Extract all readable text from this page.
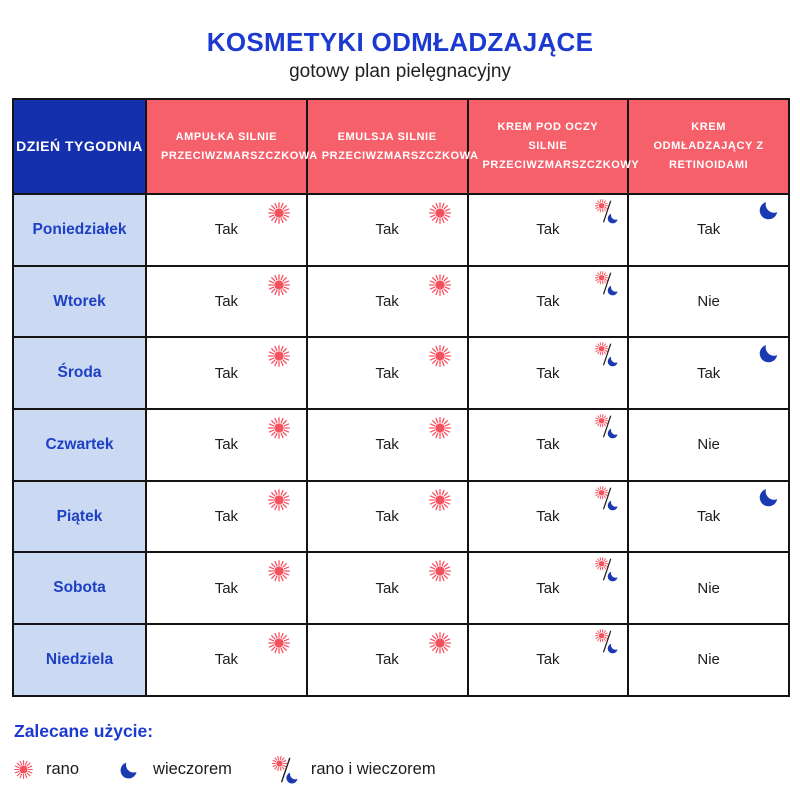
KOSMETYKI ODMŁADZAJĄCE
gotowy plan pielęgnacyjny
DZIEŃ TYGODNIA	AMPUŁKA SILNIE PRZECIWZMARSZCZKOWA	EMULSJA SILNIE PRZECIWZMARSZCZKOWA	KREM POD OCZY SILNIE PRZECIWZMARSZCZKOWY	KREM ODMŁADZAJĄCY Z RETINOIDAMI
Poniedziałek	Tak	Tak	Tak	Tak

Wtorek	Tak	Tak	Tak	Nie
Środa	Tak	Tak	Tak	Tak

Czwartek	Tak	Tak	Tak	Nie
Piątek	Tak	Tak	Tak	Tak

Sobota	Tak	Tak	Tak	Nie
Niedziela	Tak	Tak	Tak	Nie
Zalecane użycie:
rano	wieczorem	rano i wieczorem
